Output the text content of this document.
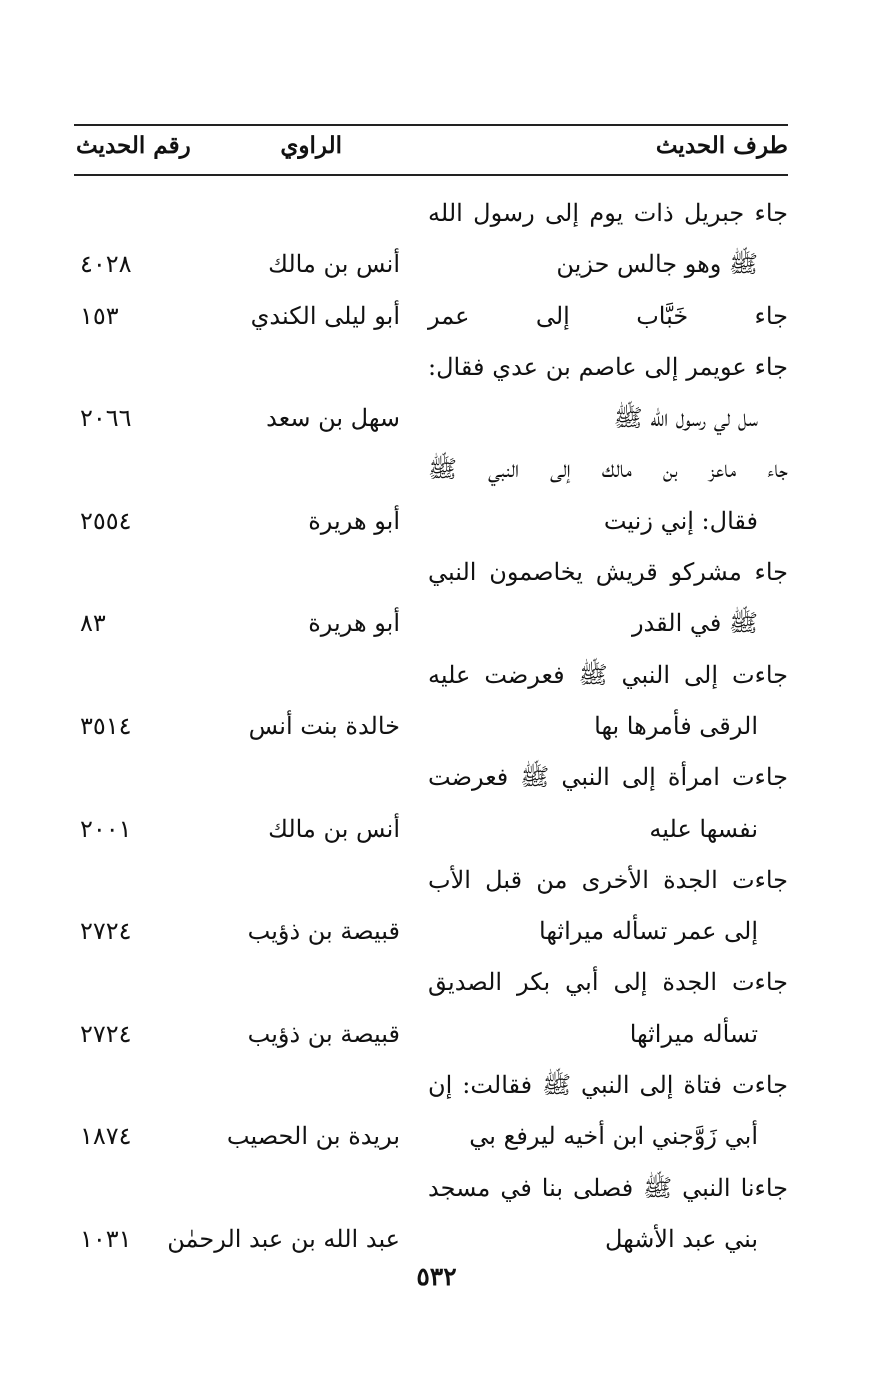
طرف الحديث
الراوي
رقم الحديث
جاء جبريل ذات يوم إلى رسول الله
ﷺ وهو جالس حزين
أنس بن مالك
٤٠٢٨
جاء خَبَّاب إلى عمر
أبو ليلى الكندي
١٥٣
جاء عويمر إلى عاصم بن عدي فقال:
سل لي رسول الله ﷺ
سهل بن سعد
٢٠٦٦
جاء ماعز بن مالك إلى النبي ﷺ
فقال: إني زنيت
أبو هريرة
٢٥٥٤
جاء مشركو قريش يخاصمون النبي
ﷺ في القدر
أبو هريرة
٨٣
جاءت إلى النبي ﷺ فعرضت عليه
الرقى فأمرها بها
خالدة بنت أنس
٣٥١٤
جاءت امرأة إلى النبي ﷺ فعرضت
نفسها عليه
أنس بن مالك
٢٠٠١
جاءت الجدة الأخرى من قبل الأب
إلى عمر تسأله ميراثها
قبيصة بن ذؤيب
٢٧٢٤
جاءت الجدة إلى أبي بكر الصديق
تسأله ميراثها
قبيصة بن ذؤيب
٢٧٢٤
جاءت فتاة إلى النبي ﷺ فقالت: إن
أبي زَوَّجني ابن أخيه ليرفع بي
بريدة بن الحصيب
١٨٧٤
جاءنا النبي ﷺ فصلى بنا في مسجد
بني عبد الأشهل
عبد الله بن عبد الرحمٰن
١٠٣١
٥٣٢
